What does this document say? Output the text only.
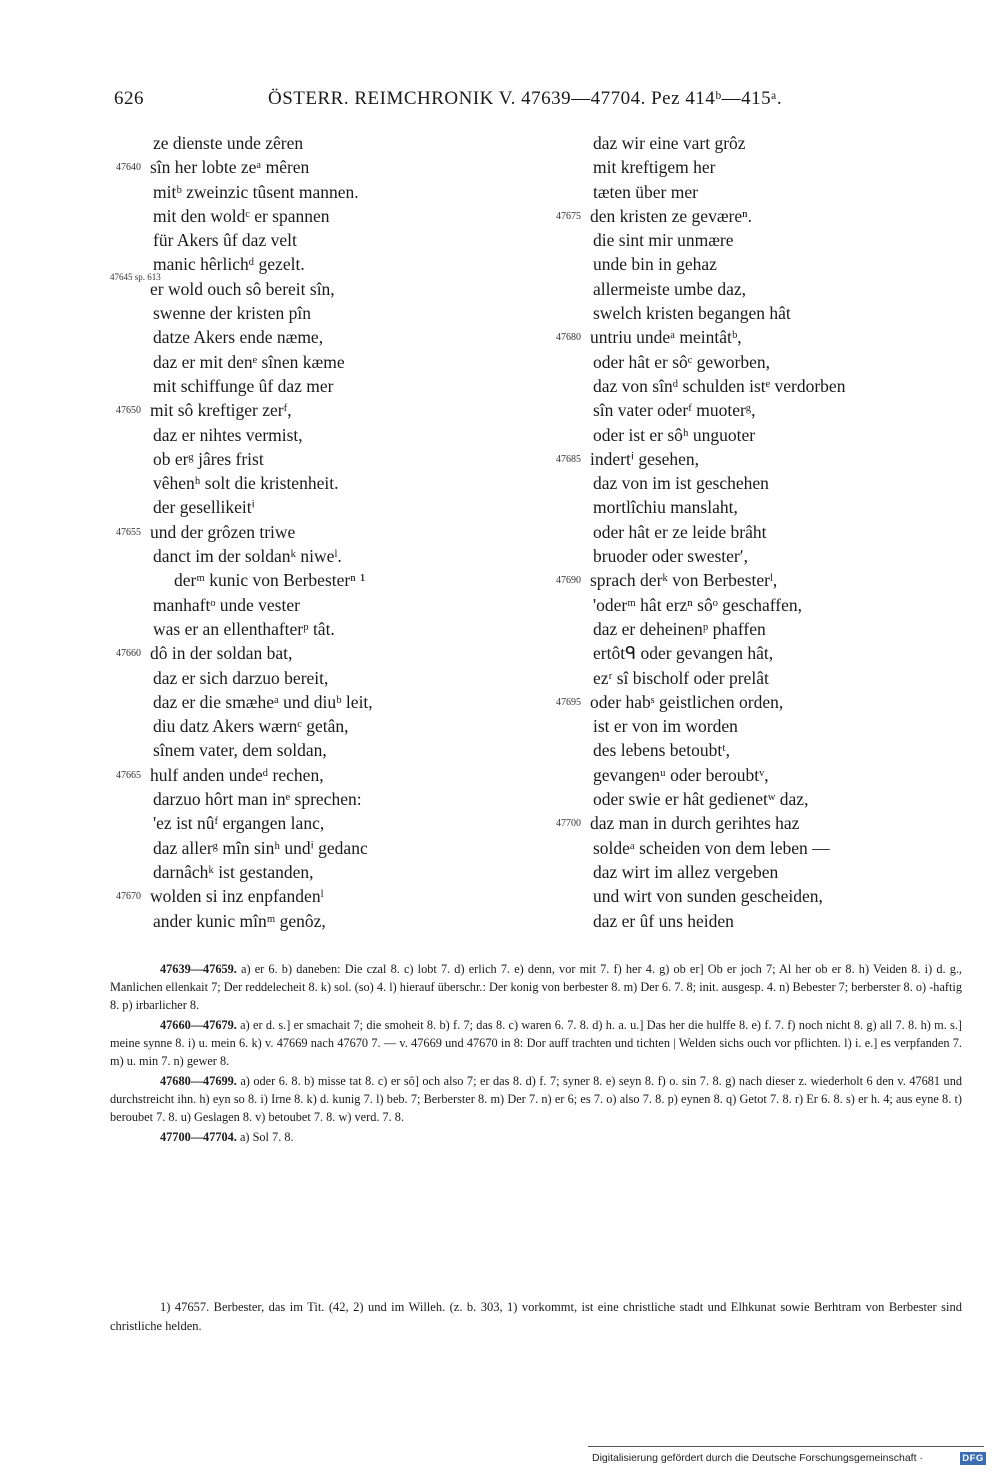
626	ÖSTERR. REIMCHRONIK V. 47639—47704. Pez 414ᵇ—415ᵃ.
ze dienste unde zêren
47640 sîn her lobte zeᵃ mêren
mitᵇ zweinzic tûsent mannen.
mit den woldᶜ er spannen
für Akers ûf daz velt
manic hêrlichᵈ gezelt.
47645 sp. 613
er wold ouch sô bereit sîn,
swenne der kristen pîn
datze Akers ende næme,
daz er mit denᵉ sînen kæme
mit schiffunge ûf daz mer
47650 mit sô kreftiger zerᶠ,
daz er nihtes vermist,
ob erᵍ jâres frist
vêhenʰ solt die kristenheit.
der gesellikeitⁱ
47655 und der grôzen triwe
danct im der soldanᵏ niweˡ.
derᵐ kunic von Berbesterⁿ ¹
manhaftᵒ unde vester
was er an ellenthafterᵖ tât.
47660 dô in der soldan bat,
daz er sich darzuo bereit,
daz er die smæheᵃ und diuᵇ leit,
diu datz Akers wærnᶜ getân,
sînem vater, dem soldan,
47665 hulf anden undeᵈ rechen,
darzuo hôrt man inᵉ sprechen:
'ez ist nûᶠ ergangen lanc,
daz allerᵍ mîn sinʰ undⁱ gedanc
darnâchᵏ ist gestanden,
47670 wolden si inz enpfandenˡ
ander kunic mînᵐ genôz,
daz wir eine vart grôz
mit kreftigem her
tæten über mer
47675 den kristen ze geværeⁿ.
die sint mir unmære
unde bin in gehaz
allermeiste umbe daz,
swelch kristen begangen hât
47680 untriu undeᵃ meintâtᵇ,
oder hât er sôᶜ geworben,
daz von sînᵈ schulden istᵉ verdorben
sîn vater oderᶠ muoterᵍ,
oder ist er sôʰ unguoter
47685 indertⁱ gesehen,
daz von im ist geschehen
mortlîchiu manslaht,
oder hât er ze leide brâht
bruoder oder swesterʹ,
47690 sprach derᵏ von Berbesterˡ,
'oderᵐ hât erzⁿ sôᵒ geschaffen,
daz er deheinenᵖ phaffen
ertôtᑫ oder gevangen hât,
ezʳ sî bischolf oder prelât
47695 oder habˢ geistlichen orden,
ist er von im worden
des lebens betoubtᵗ,
gevangenᵘ oder beroubtᵛ,
oder swie er hât gedienetʷ daz,
47700 daz man in durch gerihtes haz
soldeᵃ scheiden von dem leben —
daz wirt im allez vergeben
und wirt von sunden gescheiden,
daz er ûf uns heiden

47639—47659. a) er 6. b) daneben: Die czal 8. c) lobt 7. d) erlich 7. e) denn, vor mit 7. f) her 4. g) ob er] Ob er joch 7; Al her ob er 8. h) Veiden 8. i) d. g., Manlichen ellenkait 7; Der reddelecheit 8. k) sol. (so) 4. l) hierauf überschr.: Der konig von berbester 8. m) Der 6. 7. 8; init. ausgesp. 4. n) Bebester 7; berberster 8. o) -haftig 8. p) irbarlicher 8.

47660—47679. a) er d. s.] er smachait 7; die smoheit 8. b) f. 7; das 8. c) waren 6. 7. 8. d) h. a. u.] Das her die hulffe 8. e) f. 7. f) noch nicht 8. g) all 7. 8. h) m. s.] meine synne 8. i) u. mein 6. k) v. 47669 nach 47670 7. — v. 47669 und 47670 in 8: Dor auff trachten und tichten | Welden sichs ouch vor pflichten. l) i. e.] es verpfanden 7. m) u. min 7. n) gewer 8.

47680—47699. a) oder 6. 8. b) misse tat 8. c) er sô] och also 7; er das 8. d) f. 7; syner 8. e) seyn 8. f) o. sin 7. 8. g) nach dieser z. wiederholt 6 den v. 47681 und durchstreicht ihn. h) eyn so 8. i) Irne 8. k) d. kunig 7. l) beb. 7; Berberster 8. m) Der 7. n) er 6; es 7. o) also 7. 8. p) eynen 8. q) Getot 7. 8. r) Er 6. 8. s) er h. 4; aus eyne 8. t) beroubet 7. 8. u) Geslagen 8. v) betoubet 7. 8. w) verd. 7. 8.

47700—47704. a) Sol 7. 8.

1) 47657. Berbester, das im Tit. (42, 2) und im Willeh. (z. b. 303, 1) vorkommt, ist eine christliche stadt und Elhkunat sowie Berhtram von Berbester sind christliche helden.

Digitalisierung gefördert durch die Deutsche Forschungsgemeinschaft ·	DFG
